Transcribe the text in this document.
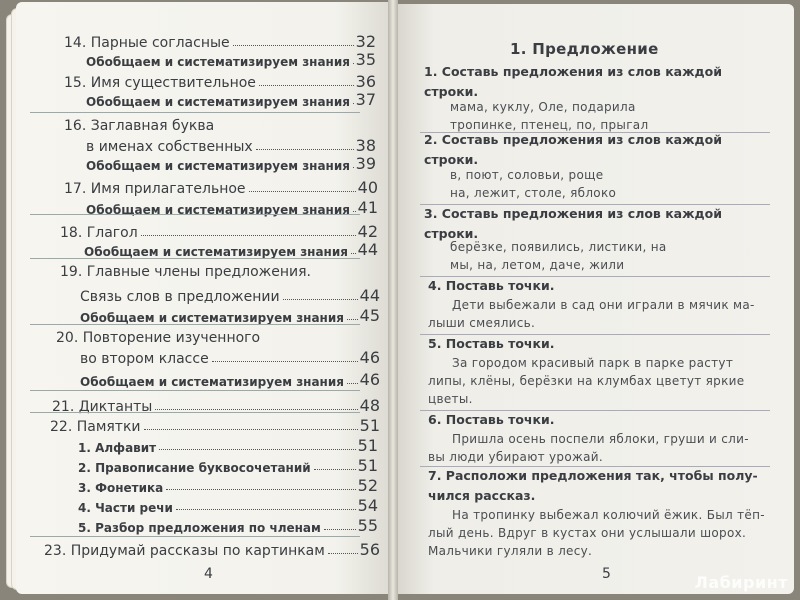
14. Парные согласные	32
Обобщаем и систематизируем знания 35
15. Имя существительное	36
Обобщаем и систематизируем знания 37
16. Заглавная буква
в именах собственных	38
Обобщаем и систематизируем знания 39
17. Имя прилагательное	40
Обобщаем и систематизируем знания 41
18. Глагол	42
Обобщаем и систематизируем знания 44
19. Главные члены предложения.
Связь слов в предложении	44
Обобщаем и систематизируем знания 45
20. Повторение изученного
во втором классе	46
Обобщаем и систематизируем знания 46
21. Диктанты	48
22. Памятки	51
1. Алфавит	51
2. Правописание буквосочетаний	51
3. Фонетика	52
4. Части речи	54
5. Разбор предложения по членам 55
23. Придумай рассказы по картинкам 56
4
1. Предложение
1. Составь предложения из слов каждой строки.
мама, куклу, Оле, подарила
тропинке, птенец, по, прыгал
2. Составь предложения из слов каждой строки.
в, поют, соловьи, роще
на, лежит, столе, яблоко
3. Составь предложения из слов каждой строки.
берёзке, появились, листики, на
мы, на, летом, даче, жили
4. Поставь точки.
Дети выбежали в сад они играли в мячик ма-
лыши смеялись.
5. Поставь точки.
За городом красивый парк в парке растут
липы, клёны, берёзки на клумбах цветут яркие
цветы.
6. Поставь точки.
Пришла осень поспели яблоки, груши и сли-
вы люди убирают урожай.
7. Расположи предложения так, чтобы полу-чился рассказ.
На тропинку выбежал колючий ёжик. Был тёп-
лый день. Вдруг в кустах они услышали шорох.
Мальчики гуляли в лесу.
5	Лабиринт
